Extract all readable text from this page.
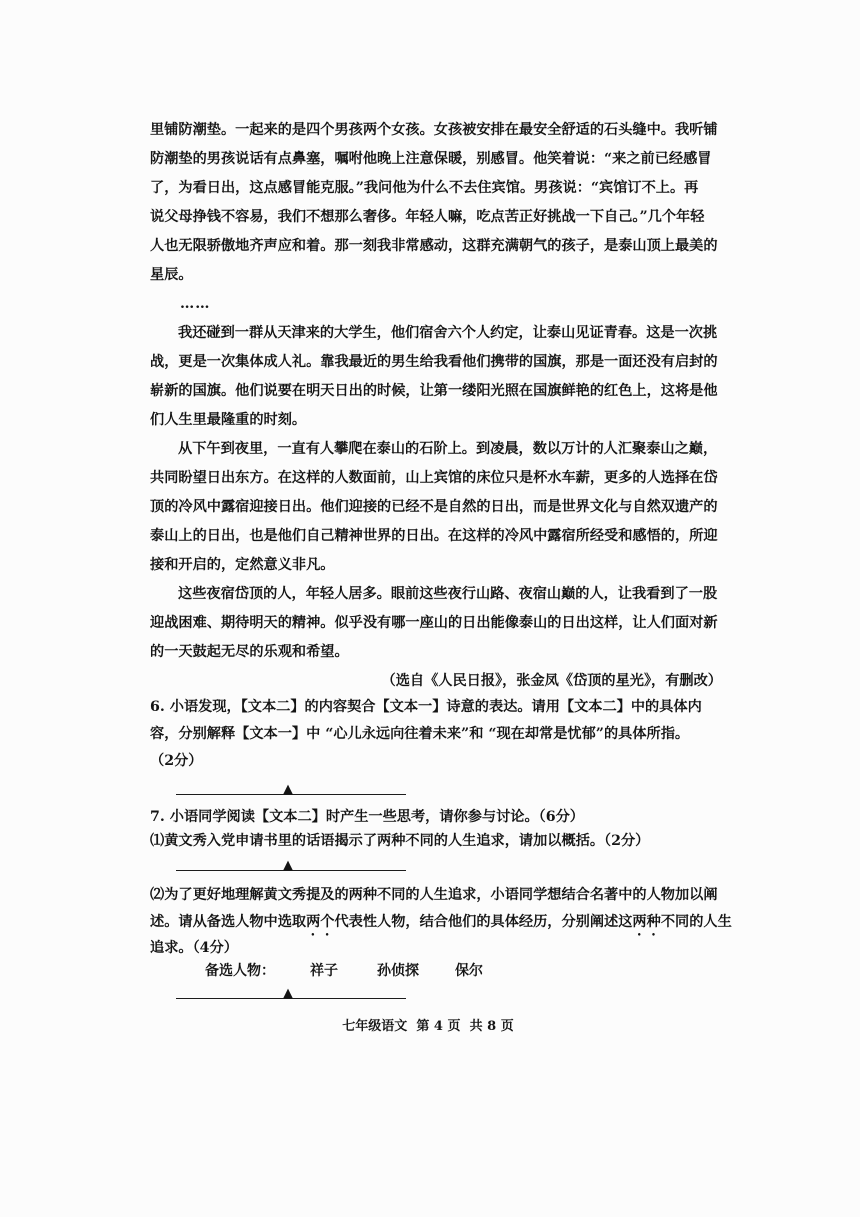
里铺防潮垫。一起来的是四个男孩两个女孩。女孩被安排在最安全舒适的石头缝中。我听铺
防潮垫的男孩说话有点鼻塞，嘱咐他晚上注意保暖，别感冒。他笑着说：“来之前已经感冒
了，为看日出，这点感冒能克服。”我问他为什么不去住宾馆。男孩说：“宾馆订不上。再
说父母挣钱不容易，我们不想那么奢侈。年轻人嘛，吃点苦正好挑战一下自己。”几个年轻
人也无限骄傲地齐声应和着。那一刻我非常感动，这群充满朝气的孩子，是泰山顶上最美的
星辰。
……
我还碰到一群从天津来的大学生，他们宿舍六个人约定，让泰山见证青春。这是一次挑
战，更是一次集体成人礼。靠我最近的男生给我看他们携带的国旗，那是一面还没有启封的
崭新的国旗。他们说要在明天日出的时候，让第一缕阳光照在国旗鲜艳的红色上，这将是他
们人生里最隆重的时刻。
从下午到夜里，一直有人攀爬在泰山的石阶上。到凌晨，数以万计的人汇聚泰山之巅，
共同盼望日出东方。在这样的人数面前，山上宾馆的床位只是杯水车薪，更多的人选择在岱
顶的冷风中露宿迎接日出。他们迎接的已经不是自然的日出，而是世界文化与自然双遗产的
泰山上的日出，也是他们自己精神世界的日出。在这样的冷风中露宿所经受和感悟的，所迎
接和开启的，定然意义非凡。
这些夜宿岱顶的人，年轻人居多。眼前这些夜行山路、夜宿山巅的人，让我看到了一股
迎战困难、期待明天的精神。似乎没有哪一座山的日出能像泰山的日出这样，让人们面对新
的一天鼓起无尽的乐观和希望。
（选自《人民日报》，张金凤《岱顶的星光》，有删改）
6. 小语发现，【文本二】的内容契合【文本一】诗意的表达。请用【文本二】中的具体内
容，分别解释【文本一】中 “心儿永远向往着未来”和 “现在却常是忧郁”的具体所指。
（2分）
▲
7. 小语同学阅读【文本二】时产生一些思考，请你参与讨论。（6分）
⑴黄文秀入党申请书里的话语揭示了两种不同的人生追求，请加以概括。（2分）
▲
⑵为了更好地理解黄文秀提及的两种不同的人生追求，小语同学想结合名著中的人物加以阐
述。请从备选人物中选取两个代表性人物，结合他们的具体经历，分别阐述这两种不同的人生
追求。（4分）
备选人物：	祥子	孙侦探	保尔
▲
七年级语文 第 4 页 共 8 页
